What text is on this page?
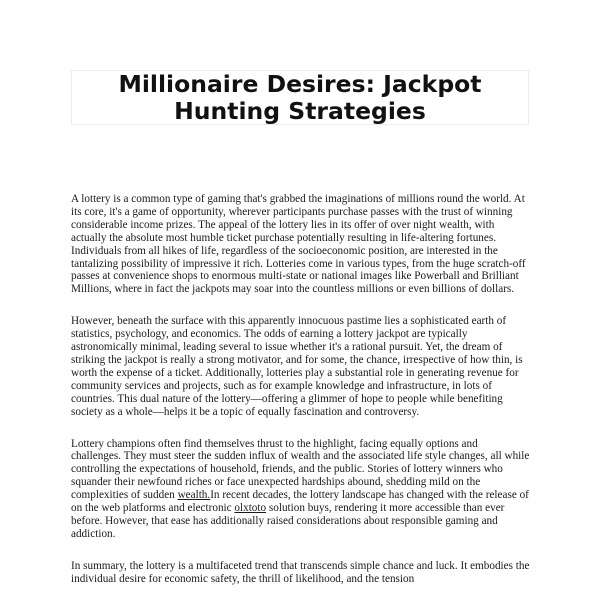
Millionaire Desires: Jackpot
Hunting Strategies

A lottery is a common type of gaming that's grabbed the imaginations of millions round the world. At its core, it's a game of opportunity, wherever participants purchase passes with the trust of winning considerable income prizes. The appeal of the lottery lies in its offer of over night wealth, with actually the absolute most humble ticket purchase potentially resulting in life-altering fortunes. Individuals from all hikes of life, regardless of the socioeconomic position, are interested in the tantalizing possibility of impressive it rich. Lotteries come in various types, from the huge scratch-off passes at convenience shops to enormous multi-state or national images like Powerball and Brilliant Millions, where in fact the jackpots may soar into the countless millions or even billions of dollars.

However, beneath the surface with this apparently innocuous pastime lies a sophisticated earth of statistics, psychology, and economics. The odds of earning a lottery jackpot are typically astronomically minimal, leading several to issue whether it's a rational pursuit. Yet, the dream of striking the jackpot is really a strong motivator, and for some, the chance, irrespective of how thin, is worth the expense of a ticket. Additionally, lotteries play a substantial role in generating revenue for community services and projects, such as for example knowledge and infrastructure, in lots of countries. This dual nature of the lottery—offering a glimmer of hope to people while benefiting society as a whole—helps it be a topic of equally fascination and controversy.

Lottery champions often find themselves thrust to the highlight, facing equally options and challenges. They must steer the sudden influx of wealth and the associated life style changes, all while controlling the expectations of household, friends, and the public. Stories of lottery winners who squander their newfound riches or face unexpected hardships abound, shedding mild on the complexities of sudden wealth.In recent decades, the lottery landscape has changed with the release of on the web platforms and electronic olxtoto solution buys, rendering it more accessible than ever before. However, that ease has additionally raised considerations about responsible gaming and addiction.

In summary, the lottery is a multifaceted trend that transcends simple chance and luck. It embodies the individual desire for economic safety, the thrill of likelihood, and the tension
